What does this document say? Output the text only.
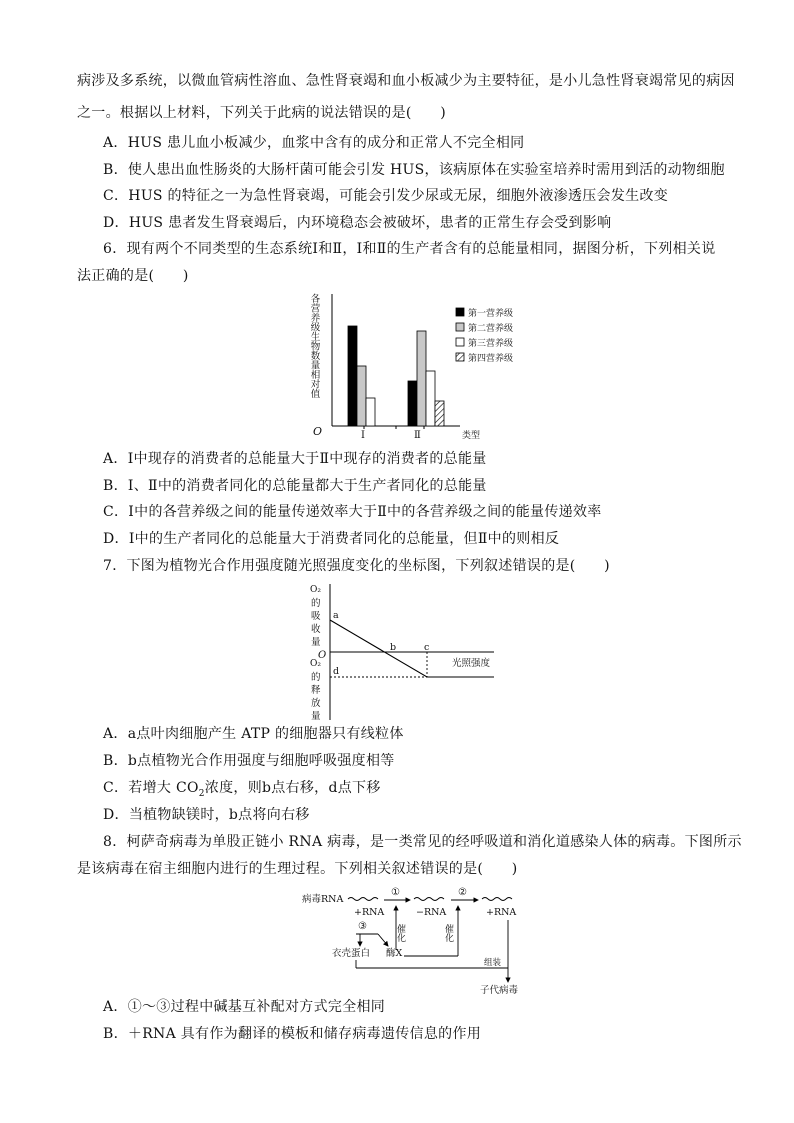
病涉及多系统，以微血管病性溶血、急性肾衰竭和血小板减少为主要特征，是小儿急性肾衰竭常见的病因
之一。根据以上材料，下列关于此病的说法错误的是(　　)
A．HUS 患儿血小板减少，血浆中含有的成分和正常人不完全相同
B．使人患出血性肠炎的大肠杆菌可能会引发 HUS，该病原体在实验室培养时需用到活的动物细胞
C．HUS 的特征之一为急性肾衰竭，可能会引发少尿或无尿，细胞外液渗透压会发生改变
D．HUS 患者发生肾衰竭后，内环境稳态会被破坏，患者的正常生存会受到影响
6．现有两个不同类型的生态系统Ⅰ和Ⅱ，Ⅰ和Ⅱ的生产者含有的总能量相同，据图分析，下列相关说
法正确的是(　　)
各营养级生物数量相对值
O	Ⅰ	Ⅱ	类型
第一营养级
第二营养级
第三营养级
第四营养级
A．Ⅰ中现存的消费者的总能量大于Ⅱ中现存的消费者的总能量
B．Ⅰ、Ⅱ中的消费者同化的总能量都大于生产者同化的总能量
C．Ⅰ中的各营养级之间的能量传递效率大于Ⅱ中的各营养级之间的能量传递效率
D．Ⅰ中的生产者同化的总能量大于消费者同化的总能量，但Ⅱ中的则相反
7．下图为植物光合作用强度随光照强度变化的坐标图，下列叙述错误的是(　　)
O₂
的
吸
收
量
O₂
的
释
放
量
O
光照强度
a
b	c
d
A．a点叶肉细胞产生 ATP 的细胞器只有线粒体
B．b点植物光合作用强度与细胞呼吸强度相等
C．若增大 $CO_2$浓度，则b点右移，d点下移
D．当植物缺镁时，b点将向右移
8．柯萨奇病毒为单股正链小 RNA 病毒，是一类常见的经呼吸道和消化道感染人体的病毒。下图所示
是该病毒在宿主细胞内进行的生理过程。下列相关叙述错误的是(　　)
病毒RNA
①	②
−RNA	+RNA
+RNA
③	催化	催化
衣壳蛋白 酶X
组装
子代病毒
A．①～③过程中碱基互补配对方式完全相同
B．＋RNA 具有作为翻译的模板和储存病毒遗传信息的作用
